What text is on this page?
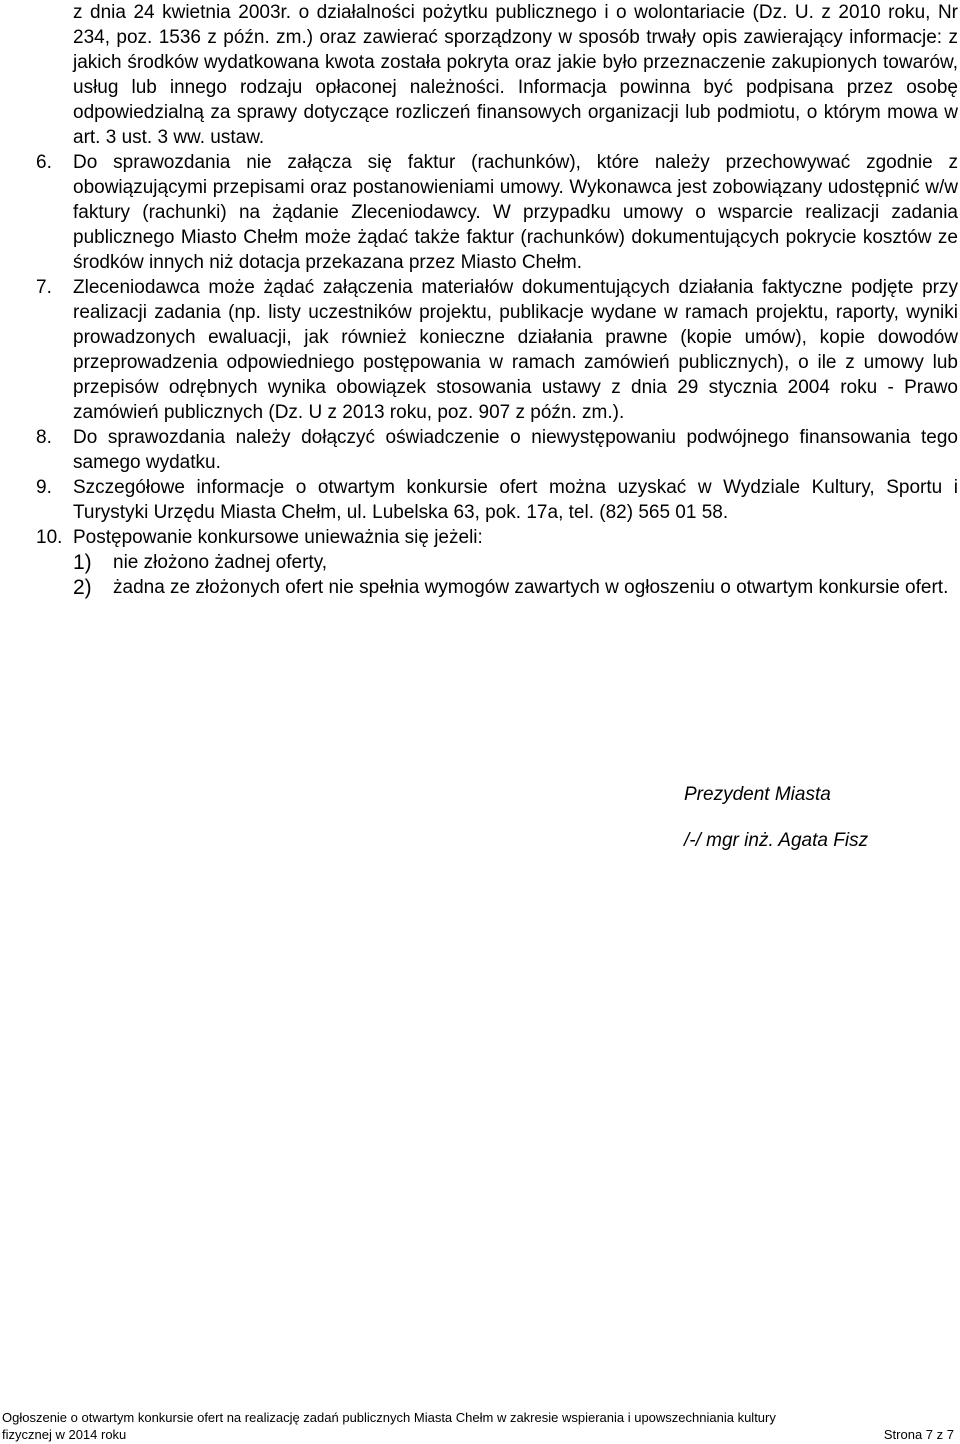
z dnia 24 kwietnia 2003r. o działalności pożytku publicznego i o wolontariacie (Dz. U. z 2010 roku, Nr 234, poz. 1536 z późn. zm.) oraz zawierać sporządzony w sposób trwały opis zawierający informacje: z jakich środków wydatkowana kwota została pokryta oraz jakie było przeznaczenie zakupionych towarów, usług lub innego rodzaju opłaconej należności. Informacja powinna być podpisana przez osobę odpowiedzialną za sprawy dotyczące rozliczeń finansowych organizacji lub podmiotu, o którym mowa w art. 3 ust. 3 ww. ustaw.

6.	Do sprawozdania nie załącza się faktur (rachunków), które należy przechowywać zgodnie z obowiązującymi przepisami oraz postanowieniami umowy. Wykonawca jest zobowiązany udostępnić w/w faktury (rachunki) na żądanie Zleceniodawcy. W przypadku umowy o wsparcie realizacji zadania publicznego Miasto Chełm może żądać także faktur (rachunków) dokumentujących pokrycie kosztów ze środków innych niż dotacja przekazana przez Miasto Chełm.
7.	Zleceniodawca może żądać załączenia materiałów dokumentujących działania faktyczne podjęte przy realizacji zadania (np. listy uczestników projektu, publikacje wydane w ramach projektu, raporty, wyniki prowadzonych ewaluacji, jak również konieczne działania prawne (kopie umów), kopie dowodów przeprowadzenia odpowiedniego postępowania w ramach zamówień publicznych), o ile z umowy lub przepisów odrębnych wynika obowiązek stosowania ustawy z dnia 29 stycznia 2004 roku - Prawo zamówień publicznych (Dz. U z 2013 roku, poz. 907 z późn. zm.).
8.	Do sprawozdania należy dołączyć oświadczenie o niewystępowaniu podwójnego finansowania tego samego wydatku.
9.	Szczegółowe informacje o otwartym konkursie ofert można uzyskać w Wydziale Kultury, Sportu i Turystyki Urzędu Miasta Chełm, ul. Lubelska 63, pok. 17a, tel. (82) 565 01 58.
10. Postępowanie konkursowe unieważnia się jeżeli:
1)	nie złożono żadnej oferty,
2)	żadna ze złożonych ofert nie spełnia wymogów zawartych w ogłoszeniu o otwartym konkursie ofert.
Prezydent Miasta
/-/ mgr inż. Agata Fisz
Ogłoszenie o otwartym konkursie ofert na realizację zadań publicznych Miasta Chełm w zakresie wspierania i upowszechniania kultury
fizycznej w 2014 roku	Strona 7 z 7
